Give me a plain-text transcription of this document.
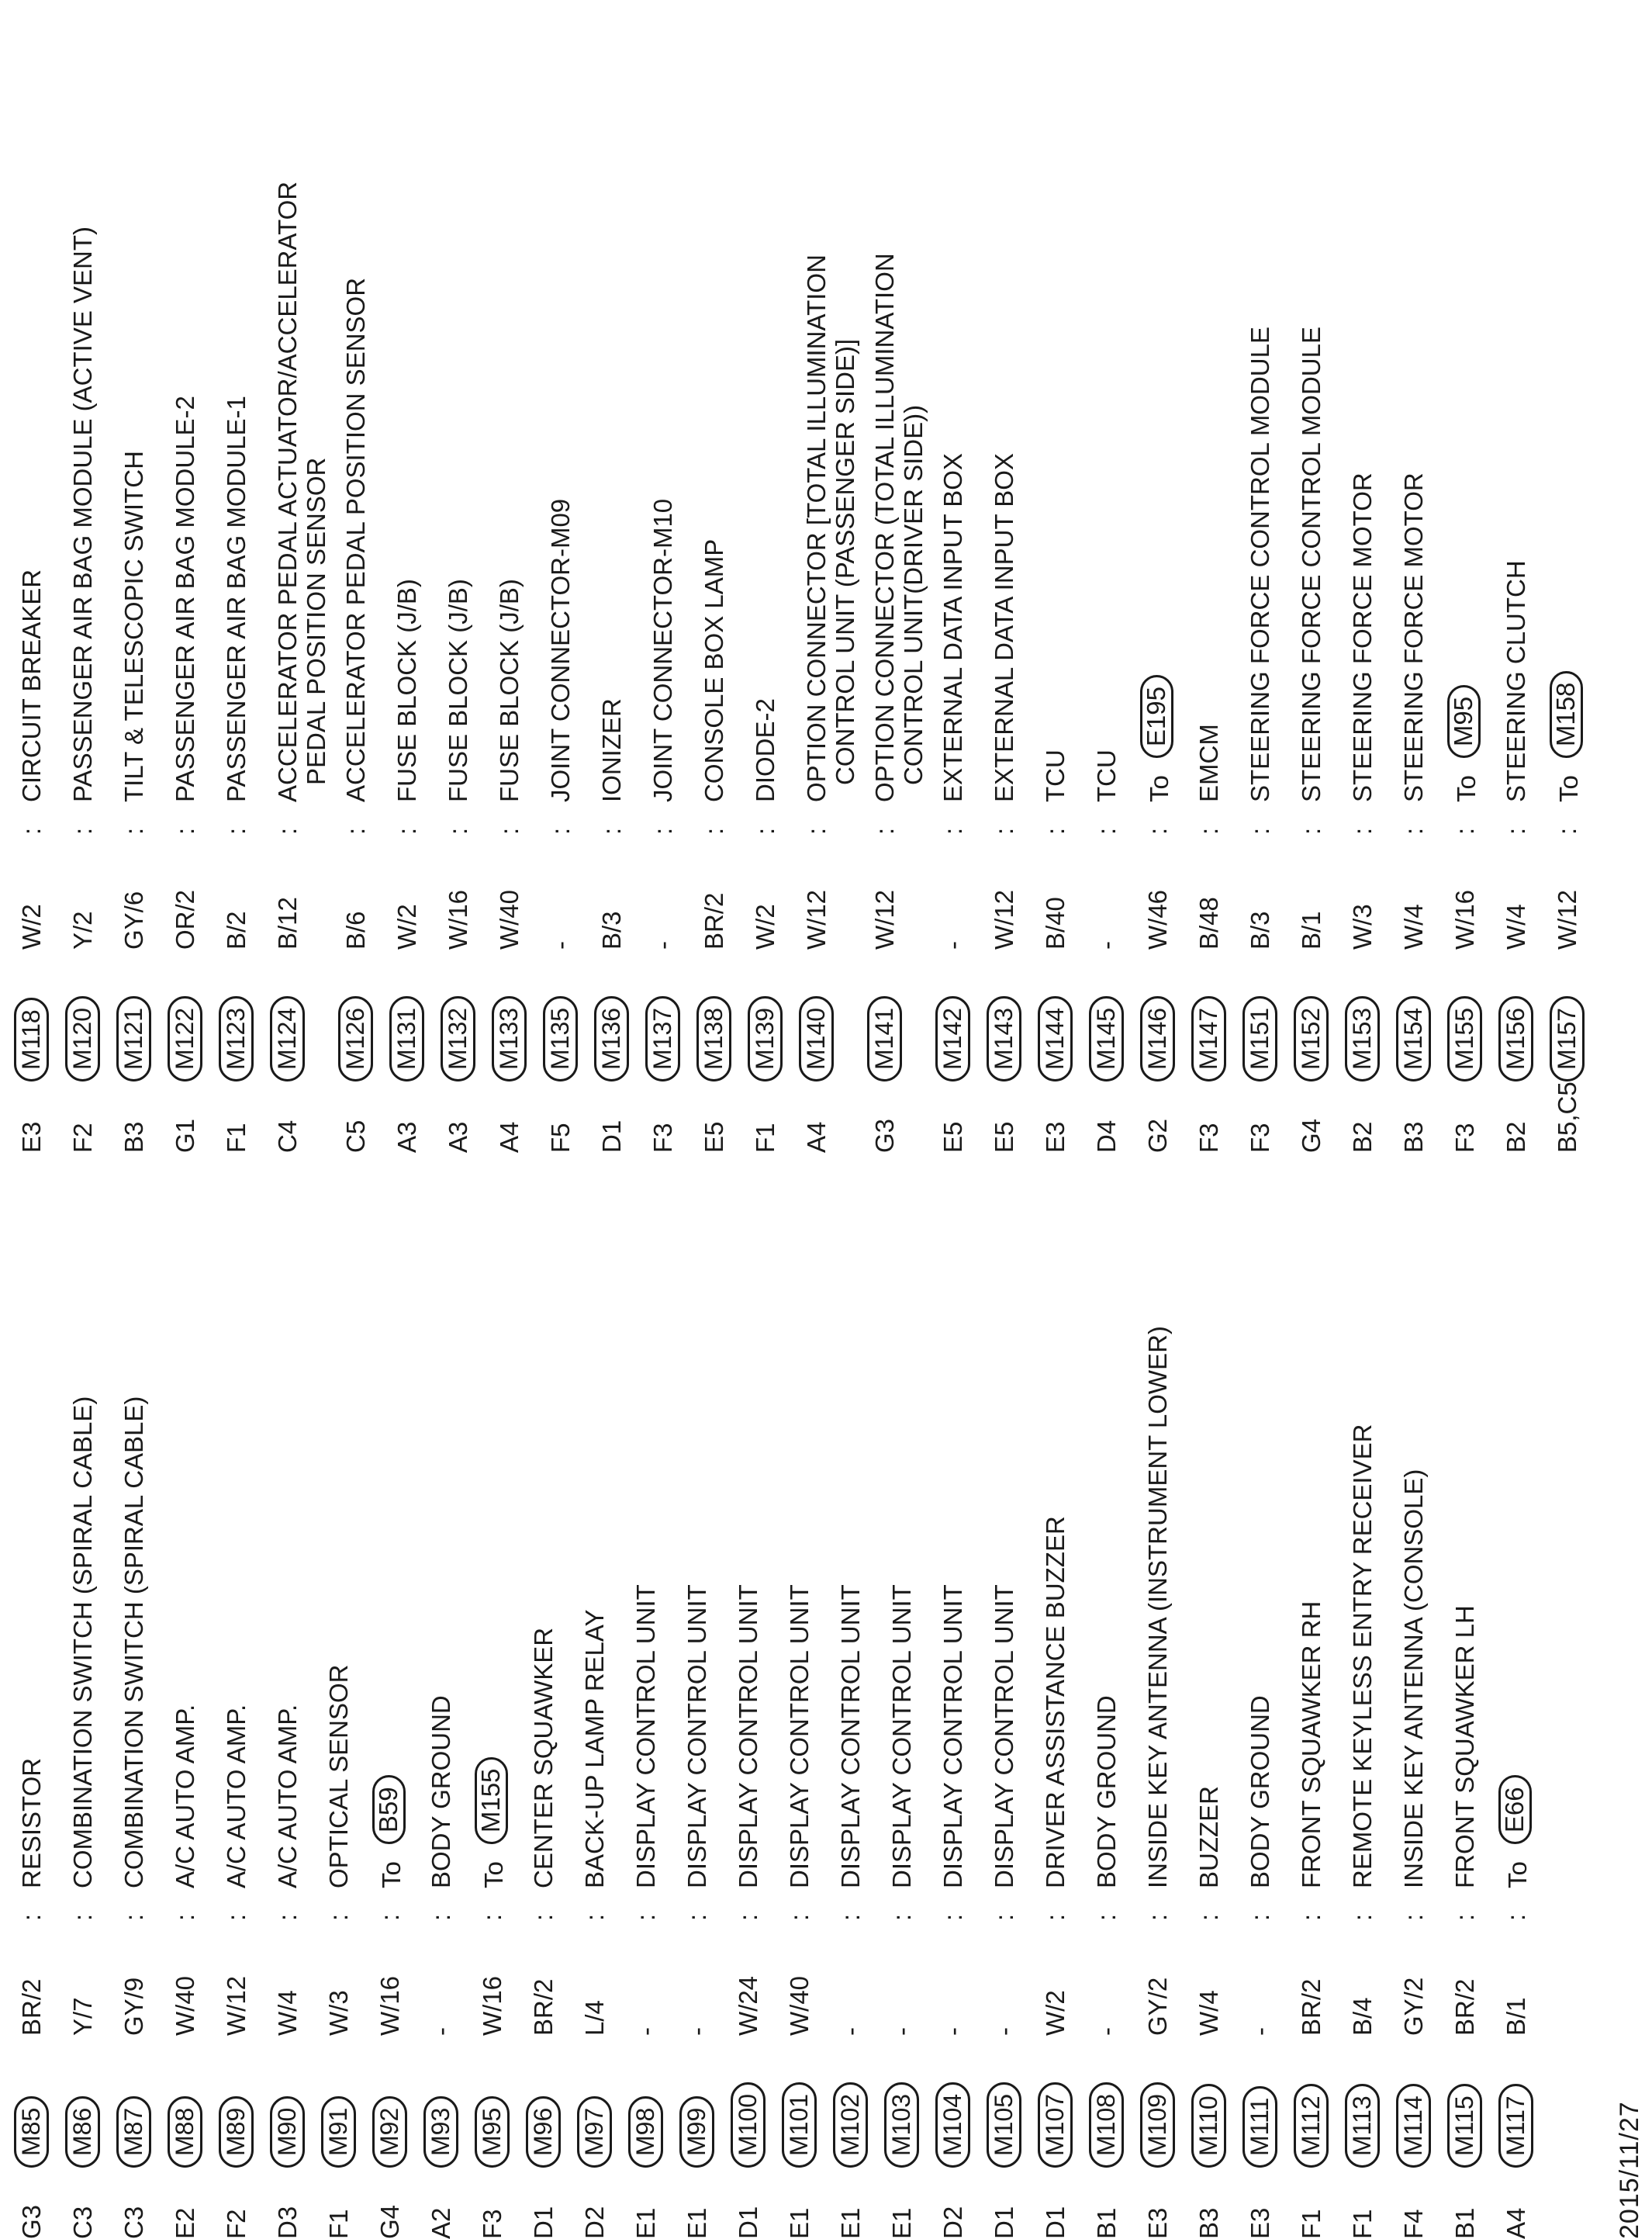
G3
M85
BR/2
:
RESISTOR
C3
M86
Y/7
:
COMBINATION SWITCH (SPIRAL CABLE)
C3
M87
GY/9
:
COMBINATION SWITCH (SPIRAL CABLE)
E2
M88
W/40
:
A/C AUTO AMP.
F2
M89
W/12
:
A/C AUTO AMP.
D3
M90
W/4
:
A/C AUTO AMP.
F1
M91
W/3
:
OPTICAL SENSOR
G4
M92
W/16
:
ToB59
A2
M93
-
:
BODY GROUND
F3
M95
W/16
:
ToM155
D1
M96
BR/2
:
CENTER SQUAWKER
D2
M97
L/4
:
BACK-UP LAMP RELAY
E1
M98
-
:
DISPLAY CONTROL UNIT
E1
M99
-
:
DISPLAY CONTROL UNIT
D1
M100
W/24
:
DISPLAY CONTROL UNIT
E1
M101
W/40
:
DISPLAY CONTROL UNIT
E1
M102
-
:
DISPLAY CONTROL UNIT
E1
M103
-
:
DISPLAY CONTROL UNIT
D2
M104
-
:
DISPLAY CONTROL UNIT
D1
M105
-
:
DISPLAY CONTROL UNIT
D1
M107
W/2
:
DRIVER ASSISTANCE BUZZER
B1
M108
-
:
BODY GROUND
E3
M109
GY/2
:
INSIDE KEY ANTENNA (INSTRUMENT LOWER)
B3
M110
W/4
:
BUZZER
E3
M111
-
:
BODY GROUND
F1
M112
BR/2
:
FRONT SQUAWKER RH
F1
M113
B/4
:
REMOTE KEYLESS ENTRY RECEIVER
F4
M114
GY/2
:
INSIDE KEY ANTENNA (CONSOLE)
B1
M115
BR/2
:
FRONT SQUAWKER LH
A4
M117
B/1
:
ToE66
E3
M118
W/2
:
CIRCUIT BREAKER
F2
M120
Y/2
:
PASSENGER AIR BAG MODULE (ACTIVE VENT)
B3
M121
GY/6
:
TILT & TELESCOPIC SWITCH
G1
M122
OR/2
:
PASSENGER AIR BAG MODULE-2
F1
M123
B/2
:
PASSENGER AIR BAG MODULE-1
C4
M124
B/12
:
ACCELERATOR PEDAL ACTUATOR/ACCELERATOR PEDAL POSITION SENSOR
C5
M126
B/6
:
ACCELERATOR PEDAL POSITION SENSOR
A3
M131
W/2
:
FUSE BLOCK (J/B)
A3
M132
W/16
:
FUSE BLOCK (J/B)
A4
M133
W/40
:
FUSE BLOCK (J/B)
F5
M135
-
:
JOINT CONNECTOR-M09
D1
M136
B/3
:
IONIZER
F3
M137
-
:
JOINT CONNECTOR-M10
E5
M138
BR/2
:
CONSOLE BOX LAMP
F1
M139
W/2
:
DIODE-2
A4
M140
W/12
:
OPTION CONNECTOR [TOTAL ILLUMINATION CONTROL UNIT (PASSENGER SIDE)]
G3
M141
W/12
:
OPTION CONNECTOR (TOTAL ILLUMINATION CONTROL UNIT(DRIVER SIDE))
E5
M142
-
:
EXTERNAL DATA INPUT BOX
E5
M143
W/12
:
EXTERNAL DATA INPUT BOX
E3
M144
B/40
:
TCU
D4
M145
-
:
TCU
G2
M146
W/46
:
ToE195
F3
M147
B/48
:
EMCM
F3
M151
B/3
:
STEERING FORCE CONTROL MODULE
G4
M152
B/1
:
STEERING FORCE CONTROL MODULE
B2
M153
W/3
:
STEERING FORCE MOTOR
B3
M154
W/4
:
STEERING FORCE MOTOR
F3
M155
W/16
:
ToM95
B2
M156
W/4
:
STEERING CLUTCH
B5,C5
M157
W/12
:
ToM158
2015/11/27
